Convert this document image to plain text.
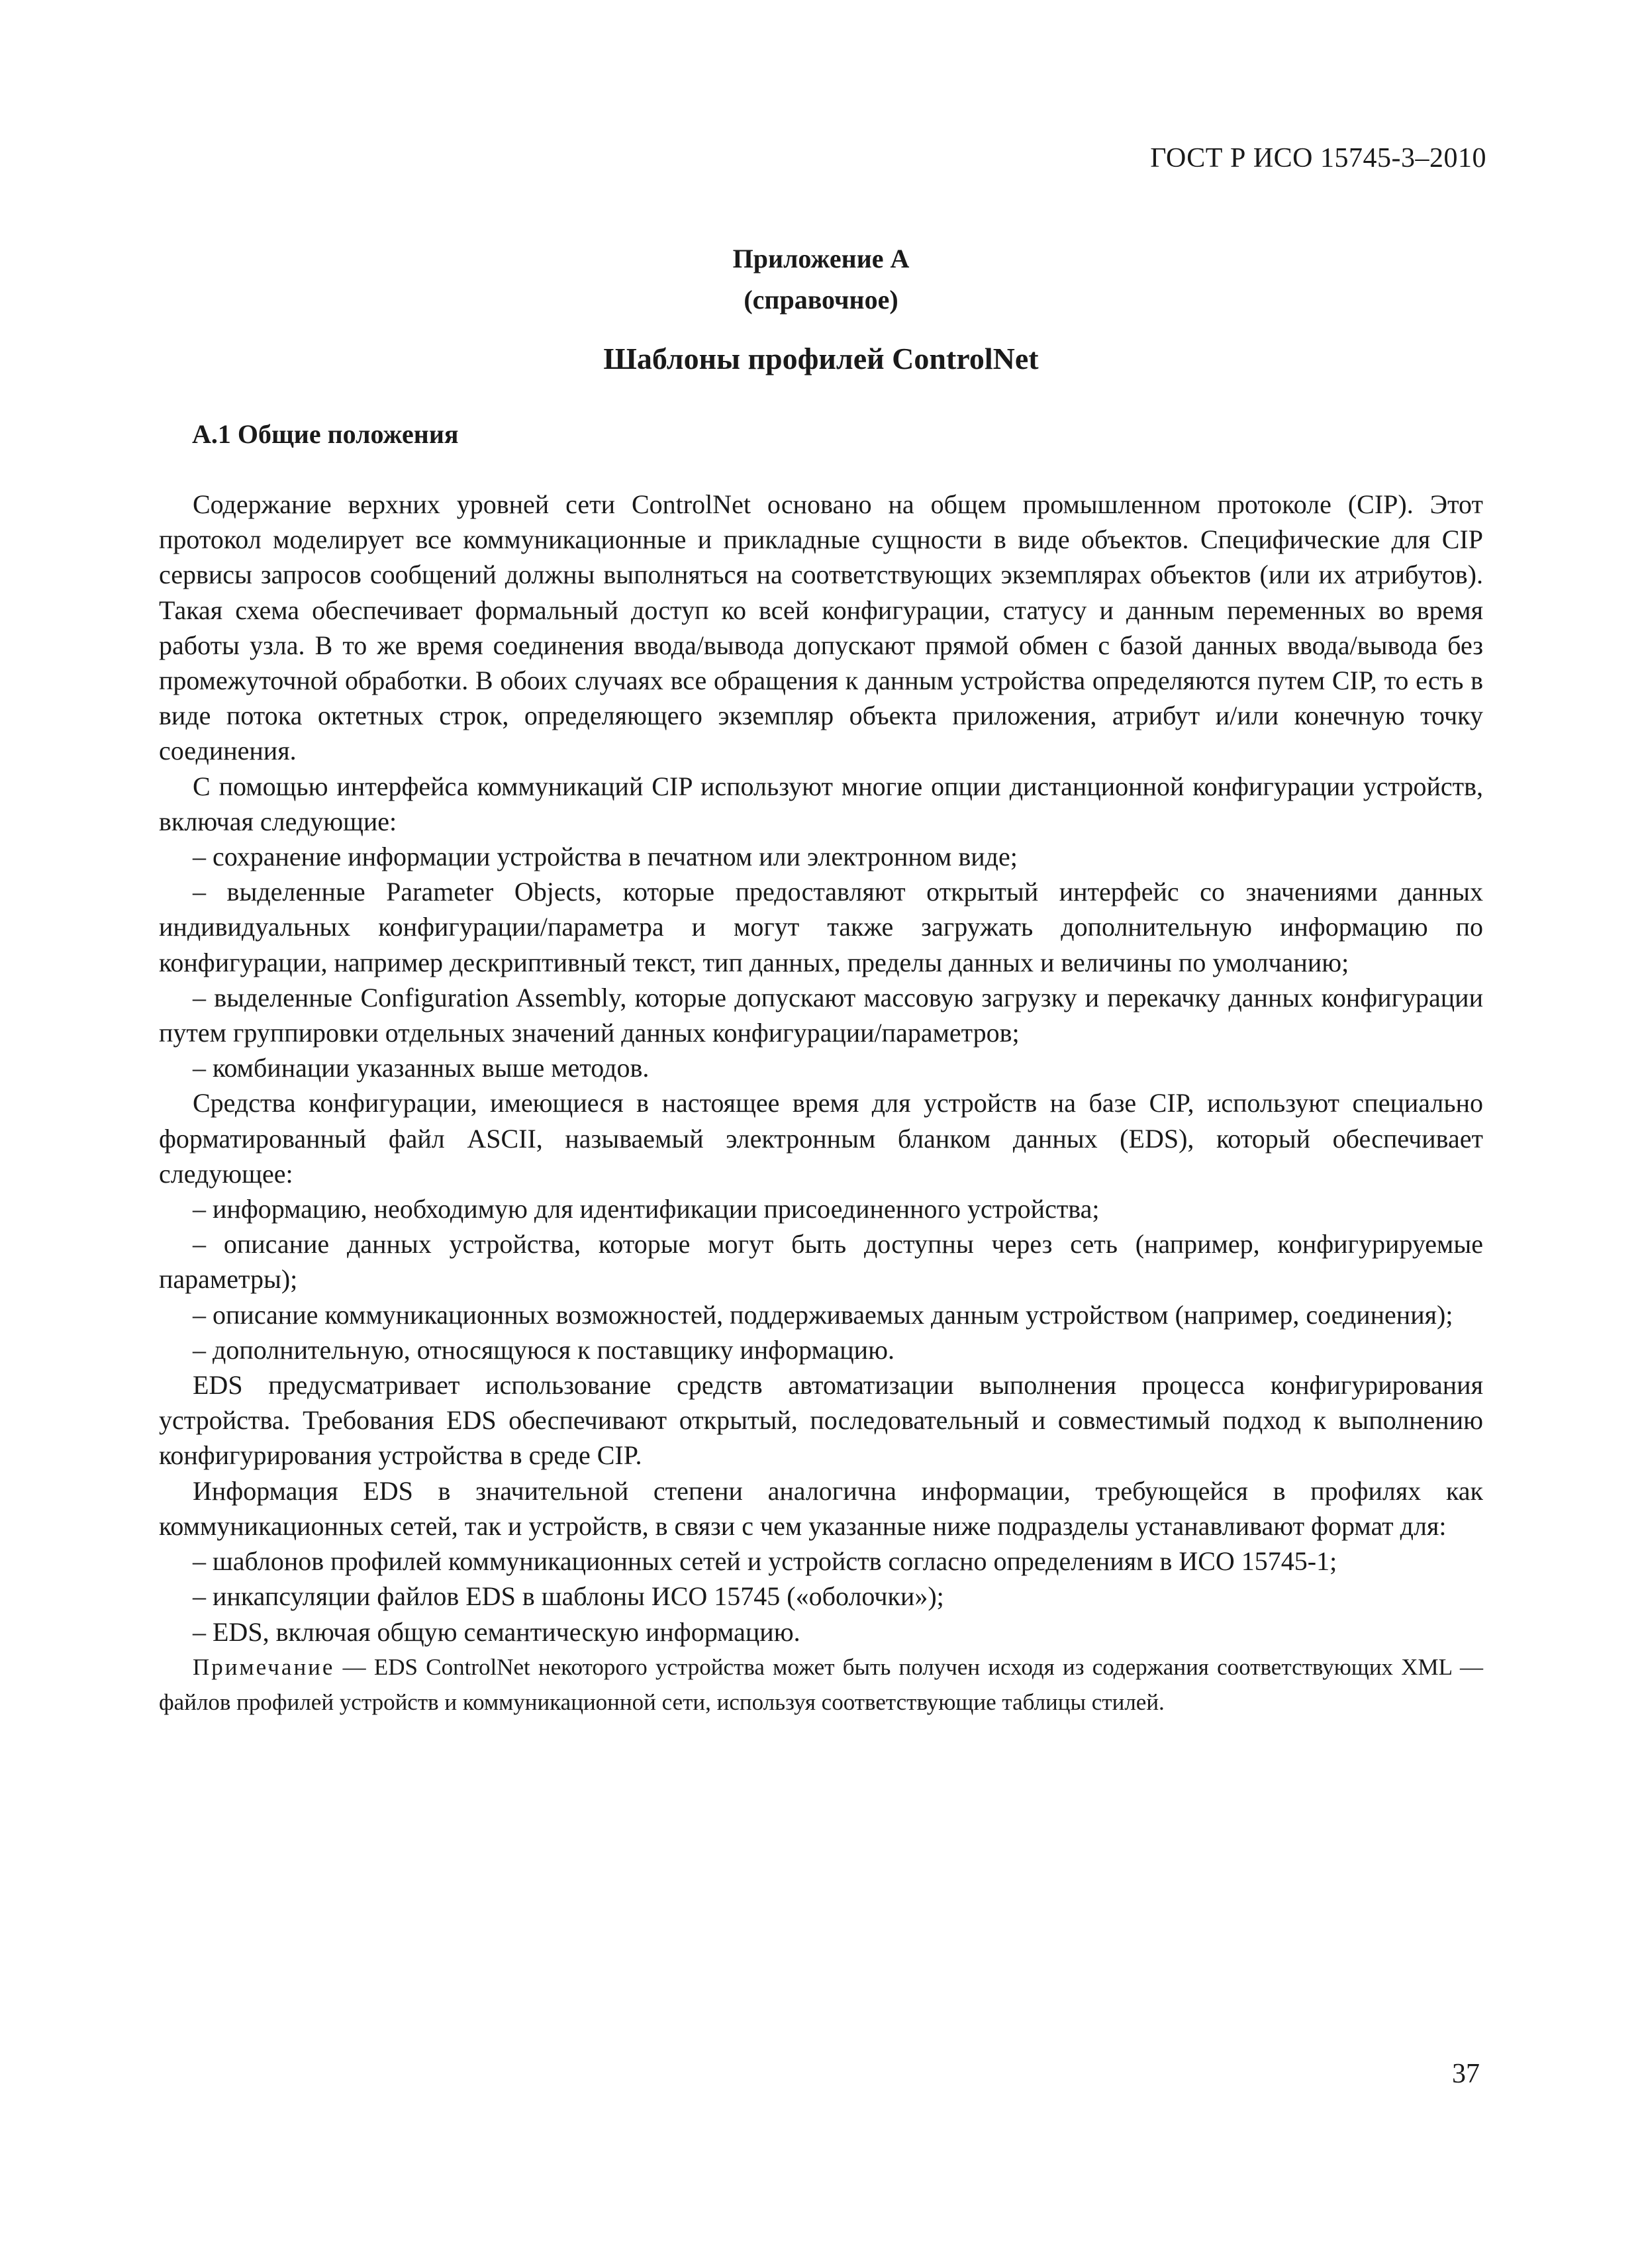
ГОСТ Р ИСО 15745-3–2010
Приложение А
(справочное)
Шаблоны профилей ControlNet
А.1 Общие положения

Содержание верхних уровней сети ControlNet основано на общем промышленном протоколе (CIP). Этот протокол моделирует все коммуникационные и прикладные сущности в виде объектов. Специфические для CIP сервисы запросов сообщений должны выполняться на соответствующих экземплярах объектов (или их атрибутов). Такая схема обеспечивает формальный доступ ко всей конфигурации, статусу и данным переменных во время работы узла. В то же время соединения ввода/вывода допускают прямой обмен с базой данных ввода/вывода без промежуточной обработки. В обоих случаях все обращения к данным устройства определяются путем CIP, то есть в виде потока октетных строк, определяющего экземпляр объекта приложения, атрибут и/или конечную точку соединения.

С помощью интерфейса коммуникаций CIP используют многие опции дистанционной конфигурации устройств, включая следующие:

– сохранение информации устройства в печатном или электронном виде;

– выделенные Parameter Objects, которые предоставляют открытый интерфейс со значениями данных индивидуальных конфигурации/параметра и могут также загружать дополнительную информацию по конфигурации, например дескриптивный текст, тип данных, пределы данных и величины по умолчанию;

– выделенные Configuration Assembly, которые допускают массовую загрузку и перекачку данных конфигурации путем группировки отдельных значений данных конфигурации/параметров;

– комбинации указанных выше методов.

Средства конфигурации, имеющиеся в настоящее время для устройств на базе CIP, используют специально форматированный файл ASCII, называемый электронным бланком данных (EDS), который обеспечивает следующее:

– информацию, необходимую для идентификации присоединенного устройства;

– описание данных устройства, которые могут быть доступны через сеть (например, конфигурируемые параметры);

– описание коммуникационных возможностей, поддерживаемых данным устройством (например, соединения);

– дополнительную, относящуюся к поставщику информацию.

EDS предусматривает использование средств автоматизации выполнения процесса конфигурирования устройства. Требования EDS обеспечивают открытый, последовательный и совместимый подход к выполнению конфигурирования устройства в среде CIP.

Информация EDS в значительной степени аналогична информации, требующейся в профилях как коммуникационных сетей, так и устройств, в связи с чем указанные ниже подразделы устанавливают формат для:

– шаблонов профилей коммуникационных сетей и устройств согласно определениям в ИСО 15745-1;

– инкапсуляции файлов EDS в шаблоны ИСО 15745 («оболочки»);

– EDS, включая общую семантическую информацию.

Примечание — EDS ControlNet некоторого устройства может быть получен исходя из содержания соответствующих XML — файлов профилей устройств и коммуникационной сети, используя соответствующие таблицы стилей.

37
